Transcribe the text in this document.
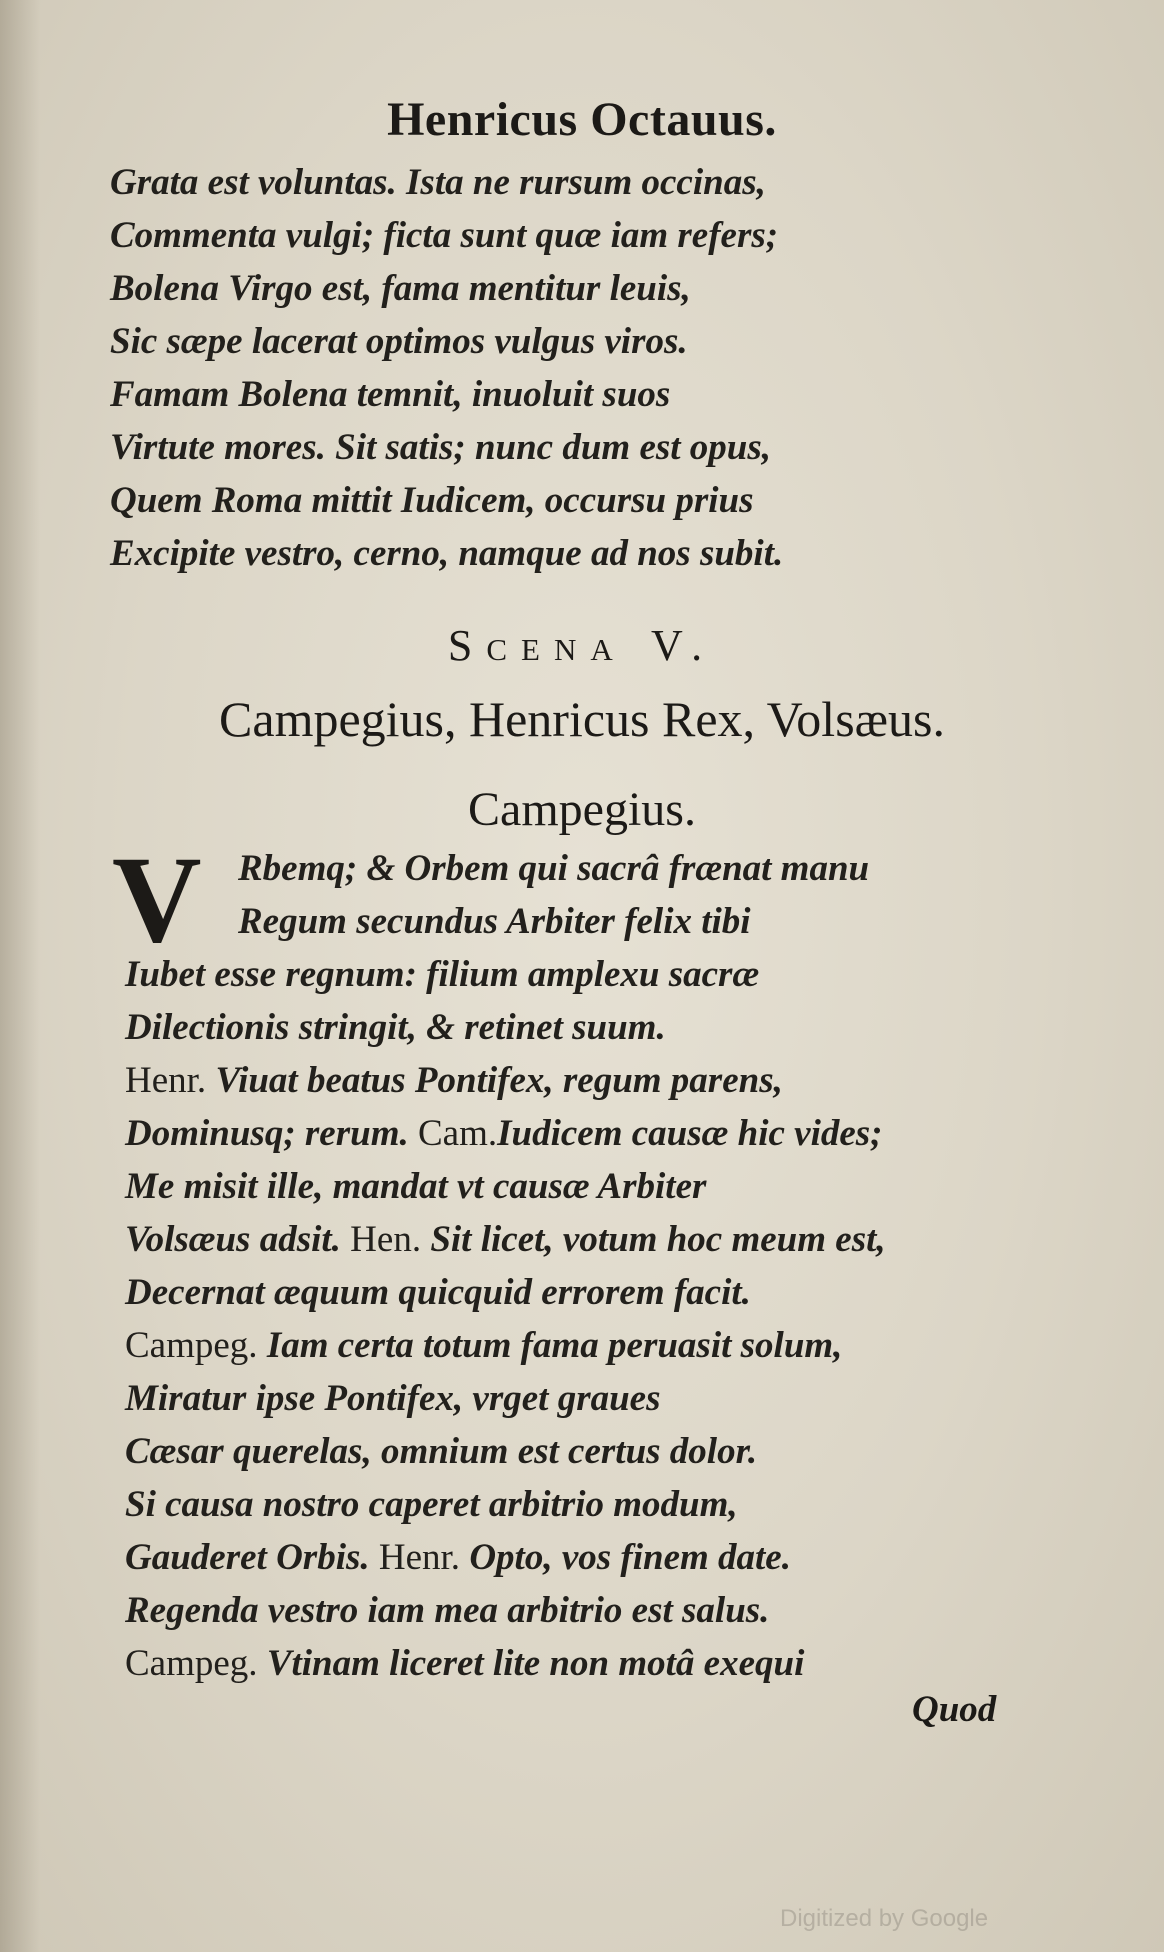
Henricus Octauus.
Grata est voluntas. Ista ne rursum occinas,
Commenta vulgi; ficta sunt quæ iam refers;
Bolena Virgo est, fama mentitur leuis,
Sic sæpe lacerat optimos vulgus viros.
Famam Bolena temnit, inuoluit suos
Virtute mores. Sit satis; nunc dum est opus,
Quem Roma mittit Iudicem, occursu prius
Excipite vestro, cerno, namque ad nos subit.
Scena V.
Campegius, Henricus Rex, Volsæus.
Campegius.
V Rbemq; & Orbem qui sacrâ frænat manu
Regum secundus Arbiter felix tibi
Iubet esse regnum: filium amplexu sacræ
Dilectionis stringit, & retinet suum.
Henr. Viuat beatus Pontifex, regum parens,
Dominusq; rerum. Cam.Iudicem causæ hic vides;
Me misit ille, mandat vt causæ Arbiter
Volsæus adsit. Hen. Sit licet, votum hoc meum est,
Decernat æquum quicquid errorem facit.
Campeg. Iam certa totum fama peruasit solum,
Miratur ipse Pontifex, vrget graues
Cæsar querelas, omnium est certus dolor.
Si causa nostro caperet arbitrio modum,
Gauderet Orbis. Henr. Opto, vos finem date.
Regenda vestro iam mea arbitrio est salus.
Campeg. Vtinam liceret lite non motâ exequi
Quod
Digitized by Google
